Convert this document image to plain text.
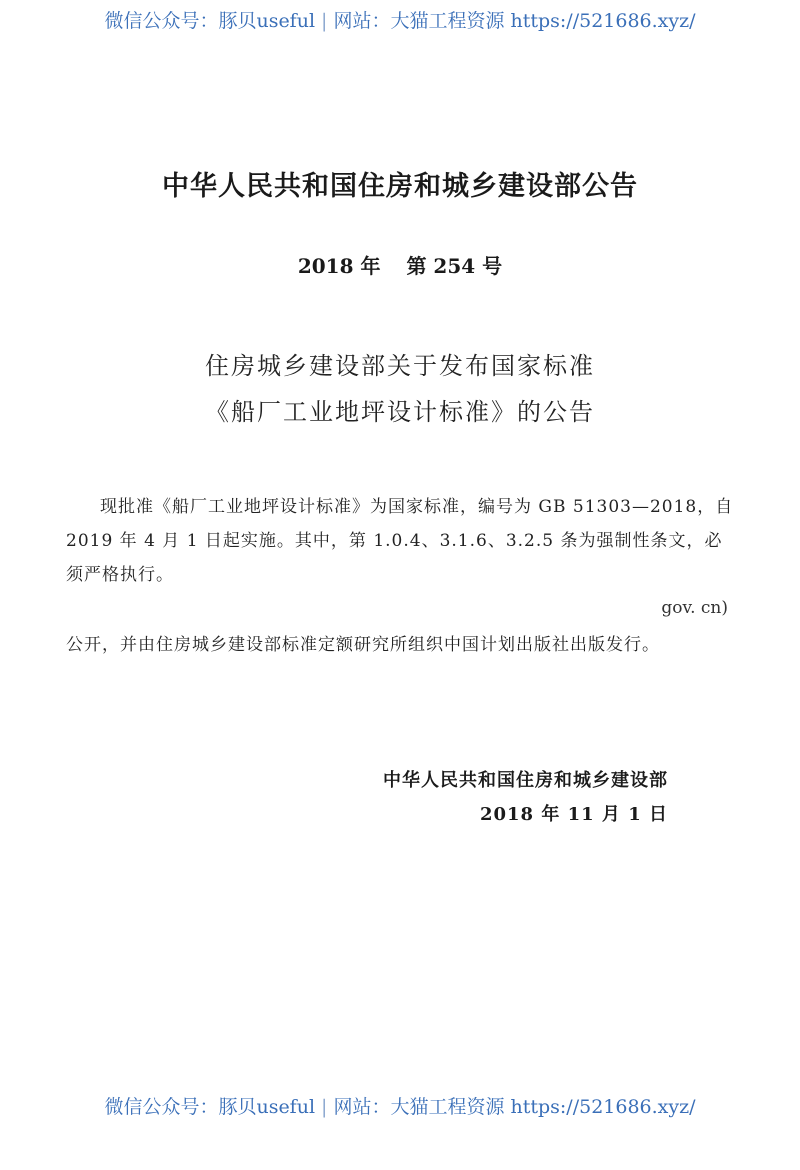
微信公众号：豚贝useful | 网站：大猫工程资源 https://521686.xyz/
中华人民共和国住房和城乡建设部公告
2018 年 第 254 号
住房城乡建设部关于发布国家标准
《船厂工业地坪设计标准》的公告
现批准《船厂工业地坪设计标准》为国家标准，编号为 GB 51303—2018，自 2019 年 4 月 1 日起实施。其中，第 1.0.4、3.1.6、3.2.5 条为强制性条文，必须严格执行。
gov. cn)
公开，并由住房城乡建设部标准定额研究所组织中国计划出版社出版发行。
中华人民共和国住房和城乡建设部
2018 年 11 月 1 日
微信公众号：豚贝useful | 网站：大猫工程资源 https://521686.xyz/
